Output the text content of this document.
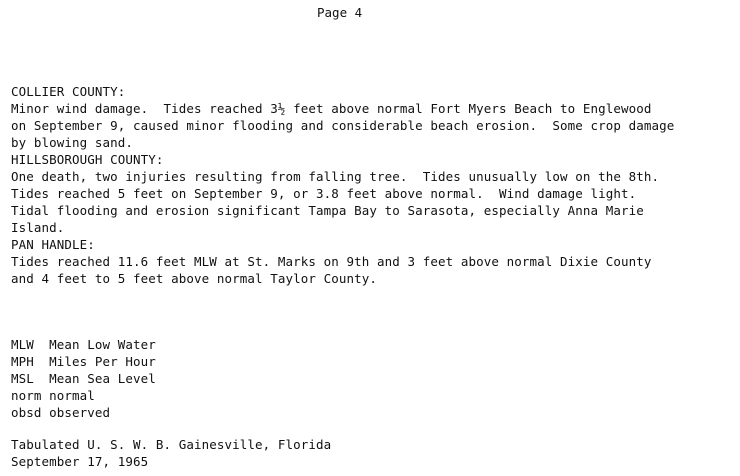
Page 4
COLLIER COUNTY:
Minor wind damage.  Tides reached 3½ feet above normal Fort Myers Beach to Englewood
on September 9, caused minor flooding and considerable beach erosion.  Some crop damage
by blowing sand.
HILLSBOROUGH COUNTY:
One death, two injuries resulting from falling tree.  Tides unusually low on the 8th.
Tides reached 5 feet on September 9, or 3.8 feet above normal.  Wind damage light.
Tidal flooding and erosion significant Tampa Bay to Sarasota, especially Anna Marie
Island.
PAN HANDLE:
Tides reached 11.6 feet MLW at St. Marks on 9th and 3 feet above normal Dixie County
and 4 feet to 5 feet above normal Taylor County.
MLW  Mean Low Water
MPH  Miles Per Hour
MSL  Mean Sea Level
norm normal
obsd observed
Tabulated U. S. W. B. Gainesville, Florida
September 17, 1965
